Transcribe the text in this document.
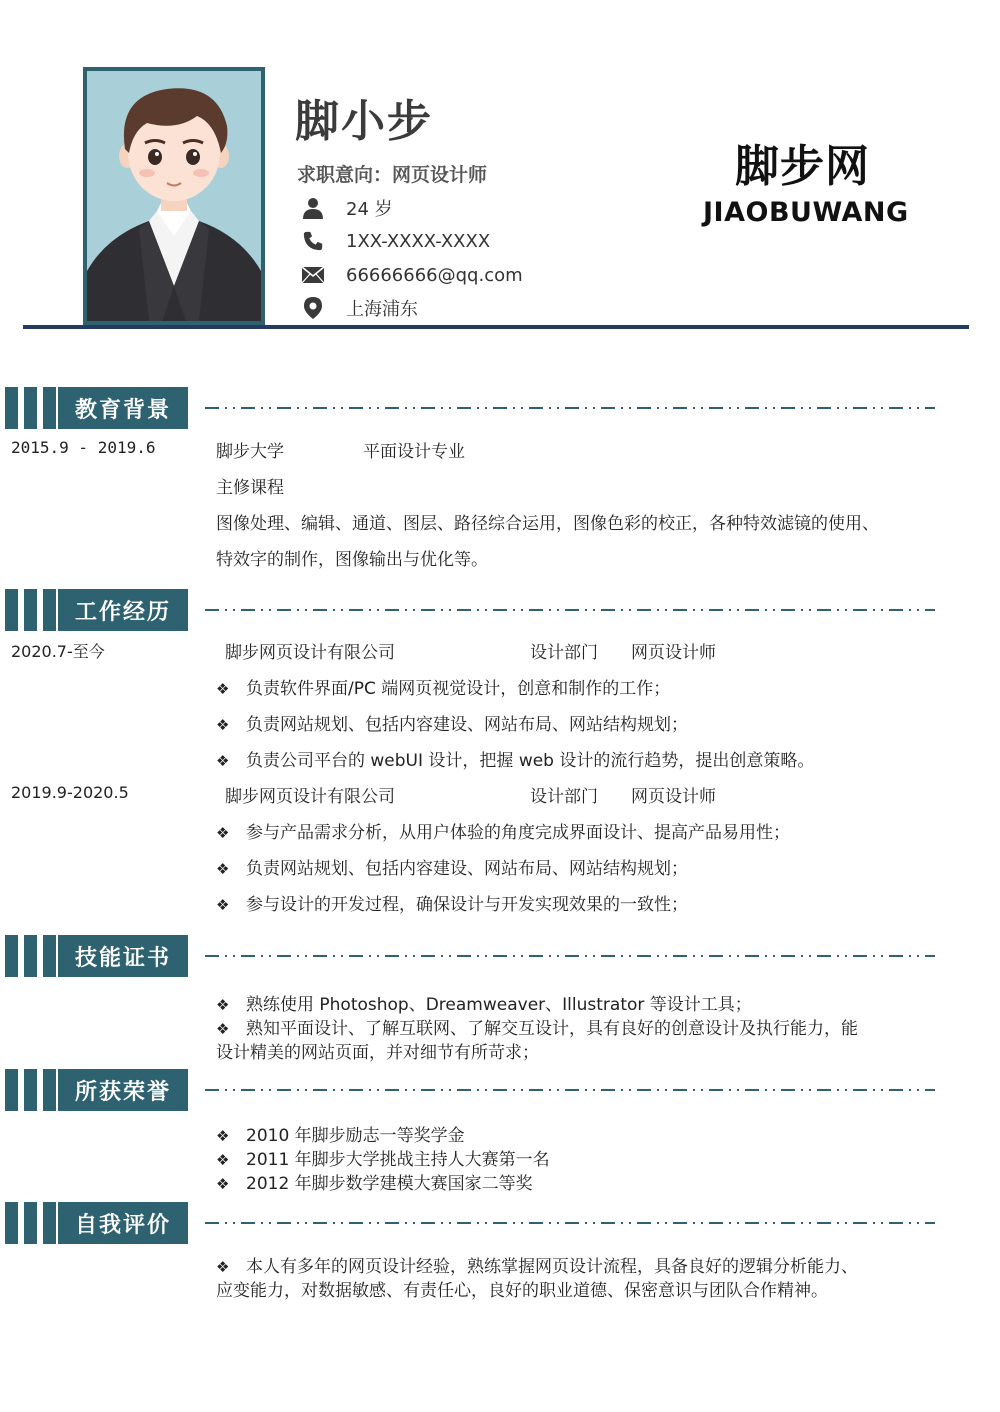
脚小步
求职意向：网页设计师
24 岁
1XX-XXXX-XXXX
66666666@qq.com
上海浦东
脚步网
JIAOBUWANG
教育背景
2015.9 - 2019.6	脚步大学	平面设计专业
主修课程
图像处理、编辑、通道、图层、路径综合运用，图像色彩的校正，各种特效滤镜的使用、
特效字的制作，图像输出与优化等。
工作经历
2020.7-至今	脚步网页设计有限公司	设计部门 网页设计师
❖ 负责软件界面/PC 端网页视觉设计，创意和制作的工作；
❖ 负责网站规划、包括内容建设、网站布局、网站结构规划；
❖ 负责公司平台的 webUI 设计，把握 web 设计的流行趋势，提出创意策略。
2019.9-2020.5	脚步网页设计有限公司	设计部门 网页设计师
❖ 参与产品需求分析，从用户体验的角度完成界面设计、提高产品易用性；
❖ 负责网站规划、包括内容建设、网站布局、网站结构规划；
❖ 参与设计的开发过程，确保设计与开发实现效果的一致性；
技能证书
❖ 熟练使用 Photoshop、Dreamweaver、Illustrator 等设计工具；
❖ 熟知平面设计、了解互联网、了解交互设计，具有良好的创意设计及执行能力，能
设计精美的网站页面，并对细节有所苛求；
所获荣誉
❖ 2010 年脚步励志一等奖学金
❖ 2011 年脚步大学挑战主持人大赛第一名
❖ 2012 年脚步数学建模大赛国家二等奖
自我评价
❖ 本人有多年的网页设计经验，熟练掌握网页设计流程，具备良好的逻辑分析能力、
应变能力，对数据敏感、有责任心，良好的职业道德、保密意识与团队合作精神。
